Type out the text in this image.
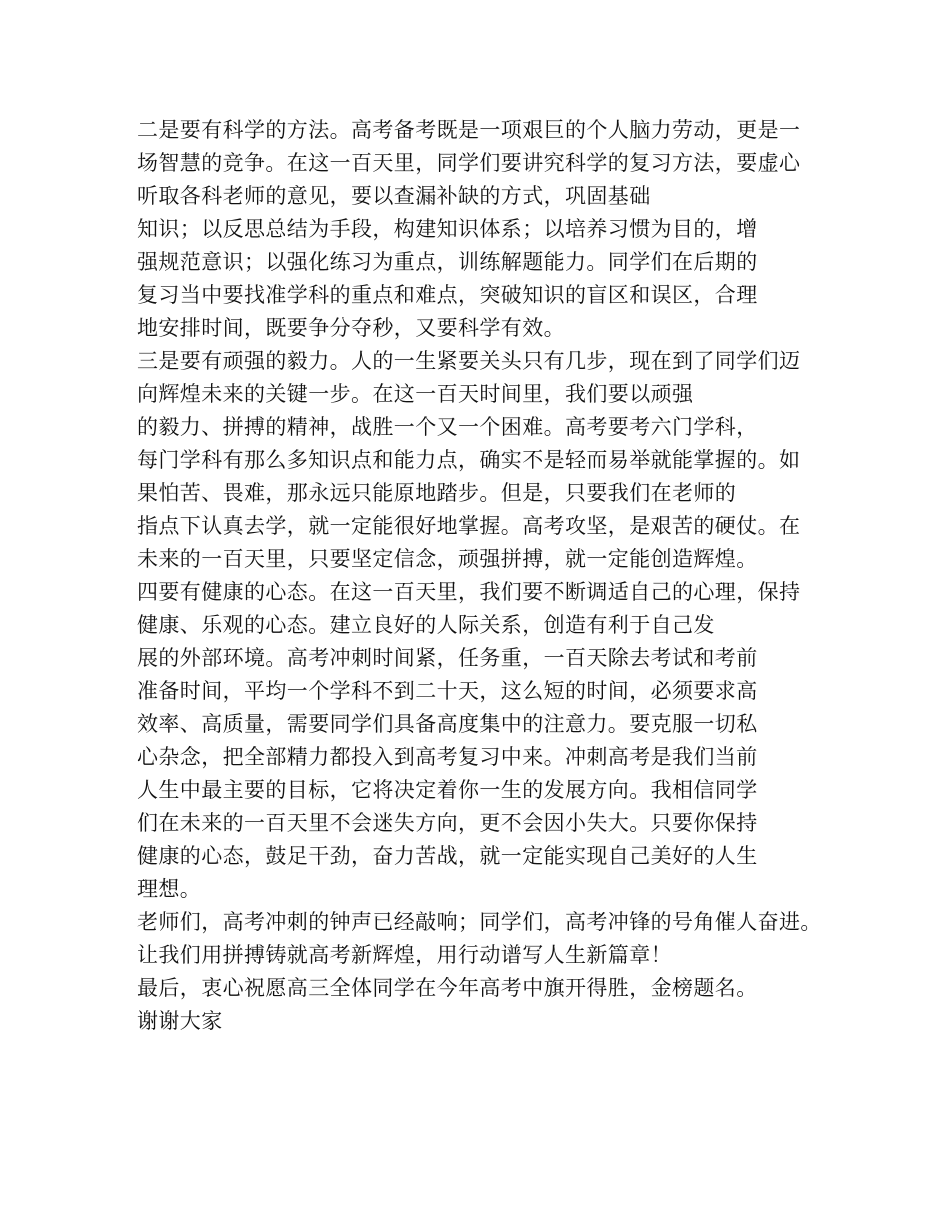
二是要有科学的方法。高考备考既是一项艰巨的个人脑力劳动，更是一
场智慧的竞争。在这一百天里，同学们要讲究科学的复习方法，要虚心
听取各科老师的意见，要以查漏补缺的方式，巩固基础
知识；以反思总结为手段，构建知识体系；以培养习惯为目的，增
强规范意识；以强化练习为重点，训练解题能力。同学们在后期的
复习当中要找准学科的重点和难点，突破知识的盲区和误区，合理
地安排时间，既要争分夺秒，又要科学有效。
三是要有顽强的毅力。人的一生紧要关头只有几步，现在到了同学们迈
向辉煌未来的关键一步。在这一百天时间里，我们要以顽强
的毅力、拼搏的精神，战胜一个又一个困难。高考要考六门学科，
每门学科有那么多知识点和能力点，确实不是轻而易举就能掌握的。如
果怕苦、畏难，那永远只能原地踏步。但是，只要我们在老师的
指点下认真去学，就一定能很好地掌握。高考攻坚，是艰苦的硬仗。在
未来的一百天里，只要坚定信念，顽强拼搏，就一定能创造辉煌。
四要有健康的心态。在这一百天里，我们要不断调适自己的心理，保持
健康、乐观的心态。建立良好的人际关系，创造有利于自己发
展的外部环境。高考冲刺时间紧，任务重，一百天除去考试和考前
准备时间，平均一个学科不到二十天，这么短的时间，必须要求高
效率、高质量，需要同学们具备高度集中的注意力。要克服一切私
心杂念，把全部精力都投入到高考复习中来。冲刺高考是我们当前
人生中最主要的目标，它将决定着你一生的发展方向。我相信同学
们在未来的一百天里不会迷失方向，更不会因小失大。只要你保持
健康的心态，鼓足干劲，奋力苦战，就一定能实现自己美好的人生
理想。
老师们，高考冲刺的钟声已经敲响；同学们，高考冲锋的号角催人奋进。
让我们用拼搏铸就高考新辉煌，用行动谱写人生新篇章！
最后，衷心祝愿高三全体同学在今年高考中旗开得胜，金榜题名。
谢谢大家
